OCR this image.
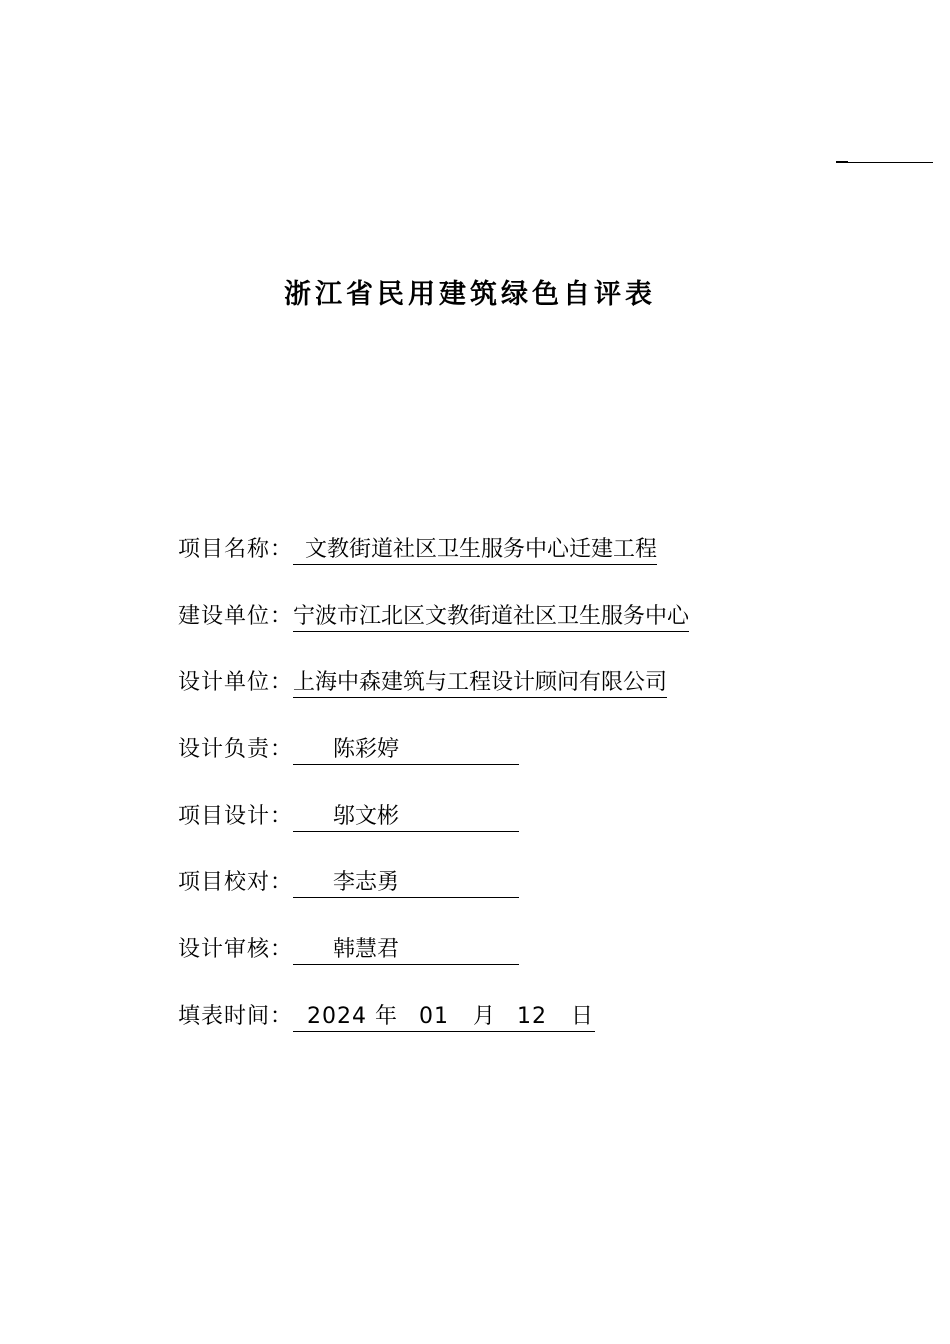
浙江省民用建筑绿色自评表
项目名称： 文教街道社区卫生服务中心迁建工程
建设单位：宁波市江北区文教街道社区卫生服务中心
设计单位：上海中森建筑与工程设计顾问有限公司
设计负责： 陈彩婷
项目设计： 邬文彬
项目校对： 李志勇
设计审核： 韩慧君
填表时间： 2024 年 01 月 12 日
